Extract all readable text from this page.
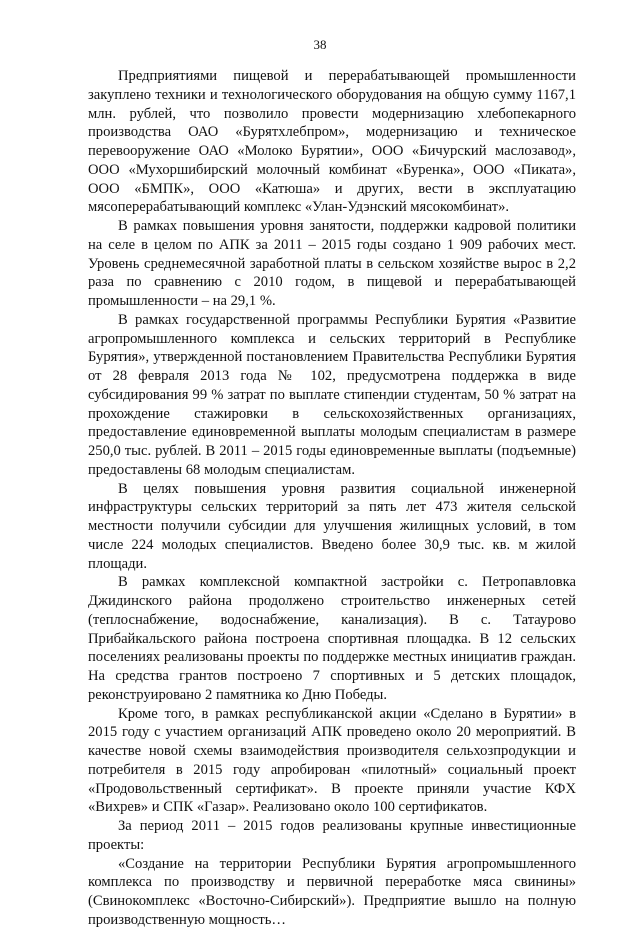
38

Предприятиями пищевой и перерабатывающей промышленности закуплено техники и технологического оборудования на общую сумму 1167,1 млн. рублей, что позволило провести модернизацию хлебопекарного производства ОАО «Бурятхлебпром», модернизацию и техническое перевооружение ОАО «Молоко Бурятии», ООО «Бичурский маслозавод», ООО «Мухоршибирский молочный комбинат «Буренка», ООО «Пиката», ООО «БМПК», ООО «Катюша» и других, вести в эксплуатацию мясоперерабатывающий комплекс «Улан-Удэнский мясокомбинат».

В рамках повышения уровня занятости, поддержки кадровой политики на селе в целом по АПК за 2011 – 2015 годы создано 1 909 рабочих мест. Уровень среднемесячной заработной платы в сельском хозяйстве вырос в 2,2 раза по сравнению с 2010 годом, в пищевой и перерабатывающей промышленности – на 29,1 %.

В рамках государственной программы Республики Бурятия «Развитие агропромышленного комплекса и сельских территорий в Республике Бурятия», утвержденной постановлением Правительства Республики Бурятия от 28 февраля 2013 года № 102, предусмотрена поддержка в виде субсидирования 99 % затрат по выплате стипендии студентам, 50 % затрат на прохождение стажировки в сельскохозяйственных организациях, предоставление единовременной выплаты молодым специалистам в размере 250,0 тыс. рублей. В 2011 – 2015 годы единовременные выплаты (подъемные) предоставлены 68 молодым специалистам.

В целях повышения уровня развития социальной инженерной инфраструктуры сельских территорий за пять лет 473 жителя сельской местности получили субсидии для улучшения жилищных условий, в том числе 224 молодых специалистов. Введено более 30,9 тыс. кв. м жилой площади.

В рамках комплексной компактной застройки с. Петропавловка Джидинского района продолжено строительство инженерных сетей (теплоснабжение, водоснабжение, канализация). В с. Татаурово Прибайкальского района построена спортивная площадка. В 12 сельских поселениях реализованы проекты по поддержке местных инициатив граждан. На средства грантов построено 7 спортивных и 5 детских площадок, реконструировано 2 памятника ко Дню Победы.

Кроме того, в рамках республиканской акции «Сделано в Бурятии» в 2015 году с участием организаций АПК проведено около 20 мероприятий. В качестве новой схемы взаимодействия производителя сельхозпродукции и потребителя в 2015 году апробирован «пилотный» социальный проект «Продовольственный сертификат». В проекте приняли участие КФХ «Вихрев» и СПК «Газар». Реализовано около 100 сертификатов.

За период 2011 – 2015 годов реализованы крупные инвестиционные проекты:

«Создание на территории Республики Бурятия агропромышленного комплекса по производству и первичной переработке мяса свинины» (Свинокомплекс «Восточно-Сибирский»). Предприятие вышло на полную производственную мощность…
